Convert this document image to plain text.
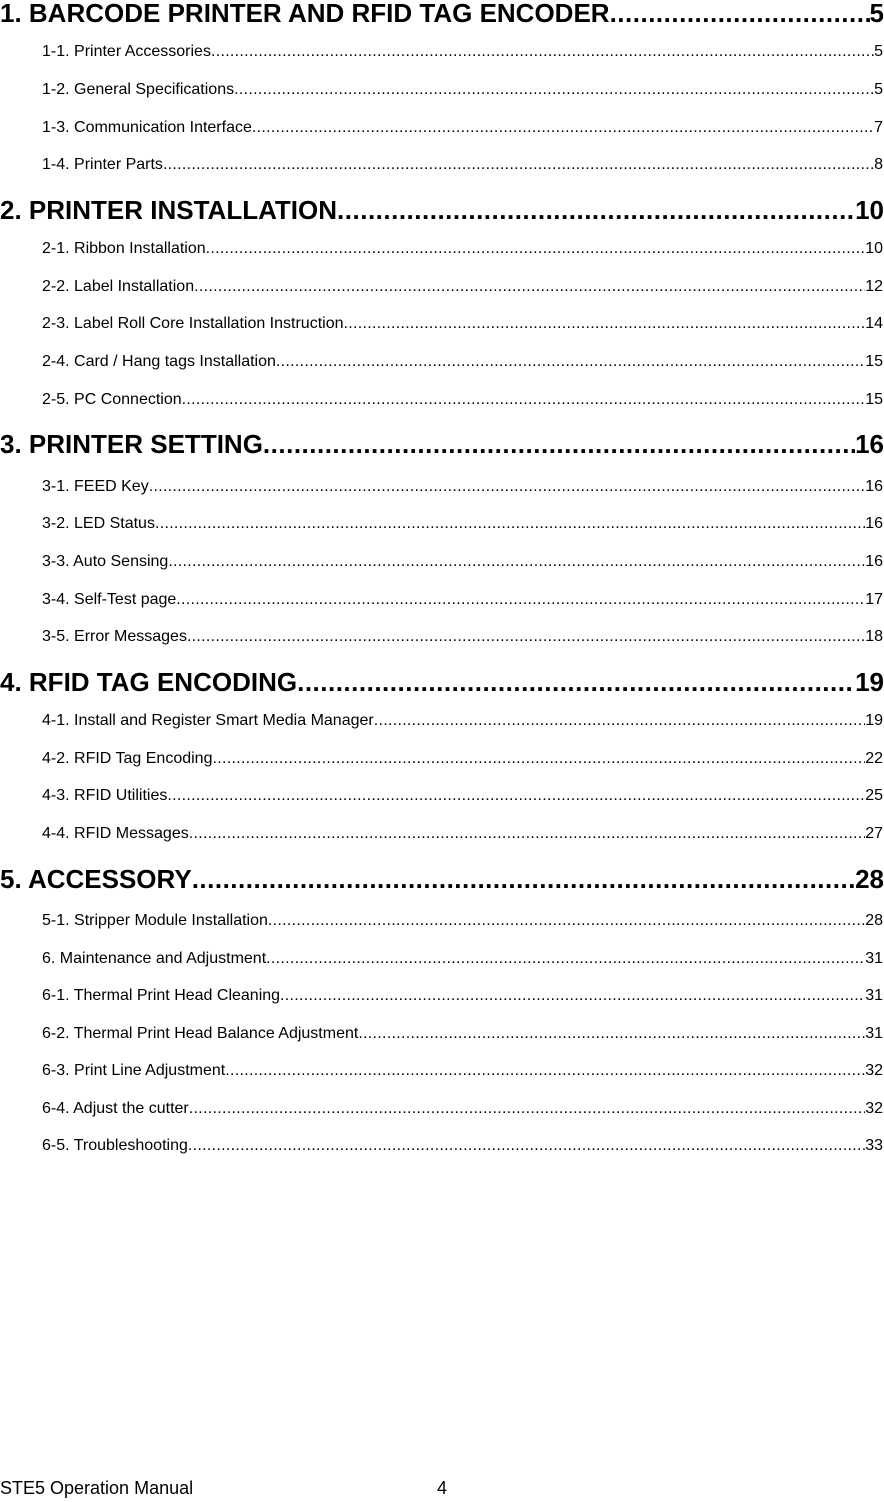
1. BARCODE PRINTER AND RFID TAG ENCODER .....	5
1-1. Printer Accessories .....	5
1-2. General Specifications .....	5
1-3. Communication Interface .....	7
1-4. Printer Parts .....	8
2. PRINTER INSTALLATION .....	10
2-1. Ribbon Installation .....	10
2-2. Label Installation .....	12
2-3. Label Roll Core Installation Instruction .....	14
2-4. Card / Hang tags Installation .....	15
2-5. PC Connection .....	15
3. PRINTER SETTING .....	16
3-1. FEED Key .....	16
3-2. LED Status .....	16
3-3. Auto Sensing .....	16
3-4. Self-Test page .....	17
3-5. Error Messages .....	18
4. RFID TAG ENCODING .....	19
4-1. Install and Register Smart Media Manager .....	19
4-2. RFID Tag Encoding .....	22
4-3. RFID Utilities .....	25
4-4. RFID Messages .....	27
5. ACCESSORY .....	28
5-1. Stripper Module Installation .....	28
6. Maintenance and Adjustment .....	31
6-1. Thermal Print Head Cleaning .....	31
6-2. Thermal Print Head Balance Adjustment .....	31
6-3. Print Line Adjustment .....	32
6-4. Adjust the cutter .....	32
6-5. Troubleshooting .....	33
STE5 Operation Manual	4
